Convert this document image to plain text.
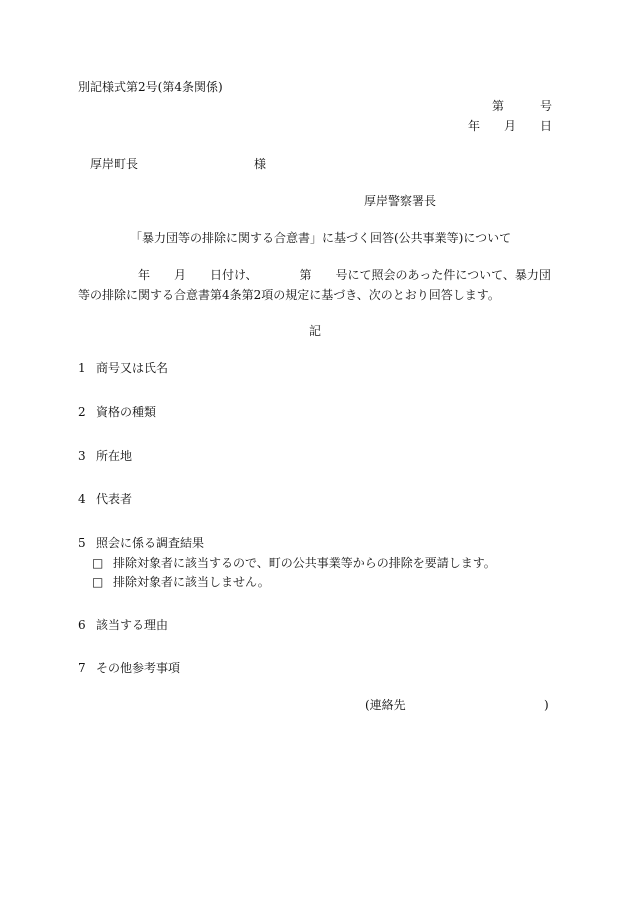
別記様式第2号(第4条関係)
第　　　号
年　　月　　日
厚岸町長	様
厚岸警察署長
「暴力団等の排除に関する合意書」に基づく回答(公共事業等)について
年　　月　　日付け、　　　　第　　号にて照会のあった件について、暴力団
等の排除に関する合意書第4条第2項の規定に基づき、次のとおり回答します。
記
1 商号又は氏名
2 資格の種類
3 所在地
4 代表者
5 照会に係る調査結果
□ 排除対象者に該当するので、町の公共事業等からの排除を要請します。
□ 排除対象者に該当しません。
6 該当する理由
7 その他参考事項
(連絡先	)
